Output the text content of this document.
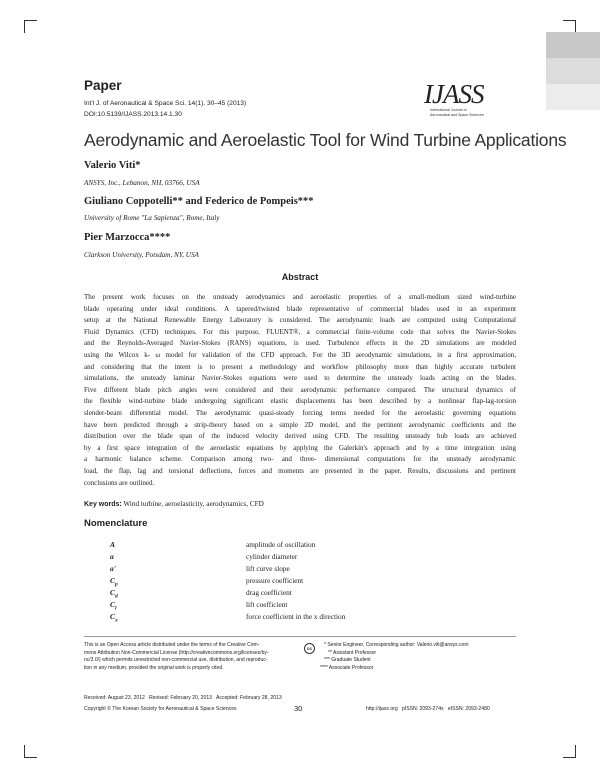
Paper
Int'l J. of Aeronautical & Space Sci. 14(1), 30–45 (2013)
DOI:10.5139/IJASS.2013.14.1.30
IJASS
International Journal of
Aeronautical and Space Sciences
Aerodynamic and Aeroelastic Tool for Wind Turbine Applications
Valerio Viti*
ANSYS, Inc., Lebanon, NH, 03766, USA
Giuliano Coppotelli** and Federico de Pompeis***
University of Rome "La Sapienza", Rome, Italy
Pier Marzocca****
Clarkson University, Potsdam, NY, USA
Abstract
The present work focuses on the unsteady aerodynamics and aeroelastic properties of a small-medium sized wind-turbine
blade operating under ideal conditions. A tapered/twisted blade representative of commercial blades used in an experiment
setup at the National Renewable Energy Laboratory is considered. The aerodynamic loads are computed using Computational
Fluid Dynamics (CFD) techniques. For this purpose, FLUENT®, a commercial finite-volume code that solves the Navier-Stokes
and the Reynolds-Averaged Navier-Stokes (RANS) equations, is used. Turbulence effects in the 2D simulations are modeled
using the Wilcox k- ω model for validation of the CFD approach. For the 3D aerodynamic simulations, in a first approximation,
and considering that the intent is to present a methodology and workflow philosophy more than highly accurate turbulent
simulations, the unsteady laminar Navier-Stokes equations were used to determine the unsteady loads acting on the blades.
Five different blade pitch angles were considered and their aerodynamic performance compared. The structural dynamics of
the flexible wind-turbine blade undergoing significant elastic displacements has been described by a nonlinear flap-lag-torsion
slender-beam differential model. The aerodynamic quasi-steady forcing terms needed for the aeroelastic governing equations
have been predicted through a strip-theory based on a simple 2D model, and the pertinent aerodynamic coefficients and the
distribution over the blade span of the induced velocity derived using CFD. The resulting unsteady hub loads are achieved
by a first space integration of the aeroelastic equations by applying the Galerkin's approach and by a time integration using
a harmonic balance scheme. Comparison among two- and three- dimensional computations for the unsteady aerodynamic
load, the flap, lag and torsional deflections, forces and moments are presented in the paper. Results, discussions and pertinent
conclusions are outlined.
Key words: Wind turbine, aeroelasticity, aerodynamics, CFD
Nomenclature
A	amplitude of oscillation
a	cylinder diameter
a'	lift curve slope
$C_p$	pressure coefficient
$C_d$	drag coefficient
$C_l$	lift coefficient
$C_x$	force coefficient in the x direction
This is an Open Access article distributed under the terms of the Creative Com-
mons Attribution Non-Commercial License (http://creativecommons.org/licenses/by-
nc/3.0/) which permits unrestricted non-commercial use, distribution, and reproduc-
tion in any medium, provided the original work is properly cited.
cc
* Senior Engineer, Corresponding author: Valerio.viti@ansys.com
** Assistant Professor
*** Graduate Student
**** Associate Professor
Received: August 23, 2012   Revised: February 20, 2013   Accepted: February 28, 2013
Copyright © The Korean Society for Aeronautical & Space Sciences	30	http://ijass.org   pISSN: 2093-274x   eISSN: 2093-2480
